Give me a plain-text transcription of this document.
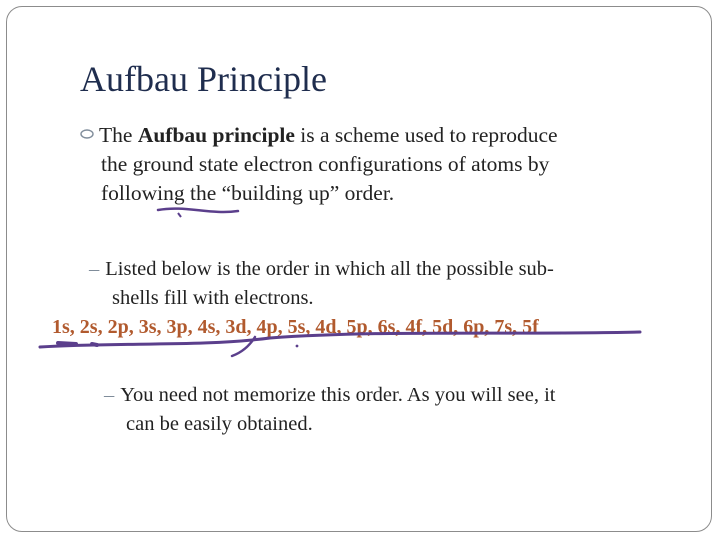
Aufbau Principle
The Aufbau principle is a scheme used to reproduce
the ground state electron configurations of atoms by
following the “building up” order.
– Listed below is the order in which all the possible sub-
shells fill with electrons.
1s, 2s, 2p, 3s, 3p, 4s, 3d, 4p, 5s, 4d, 5p, 6s, 4f, 5d, 6p, 7s, 5f
– You need not memorize this order. As you will see, it
can be easily obtained.
